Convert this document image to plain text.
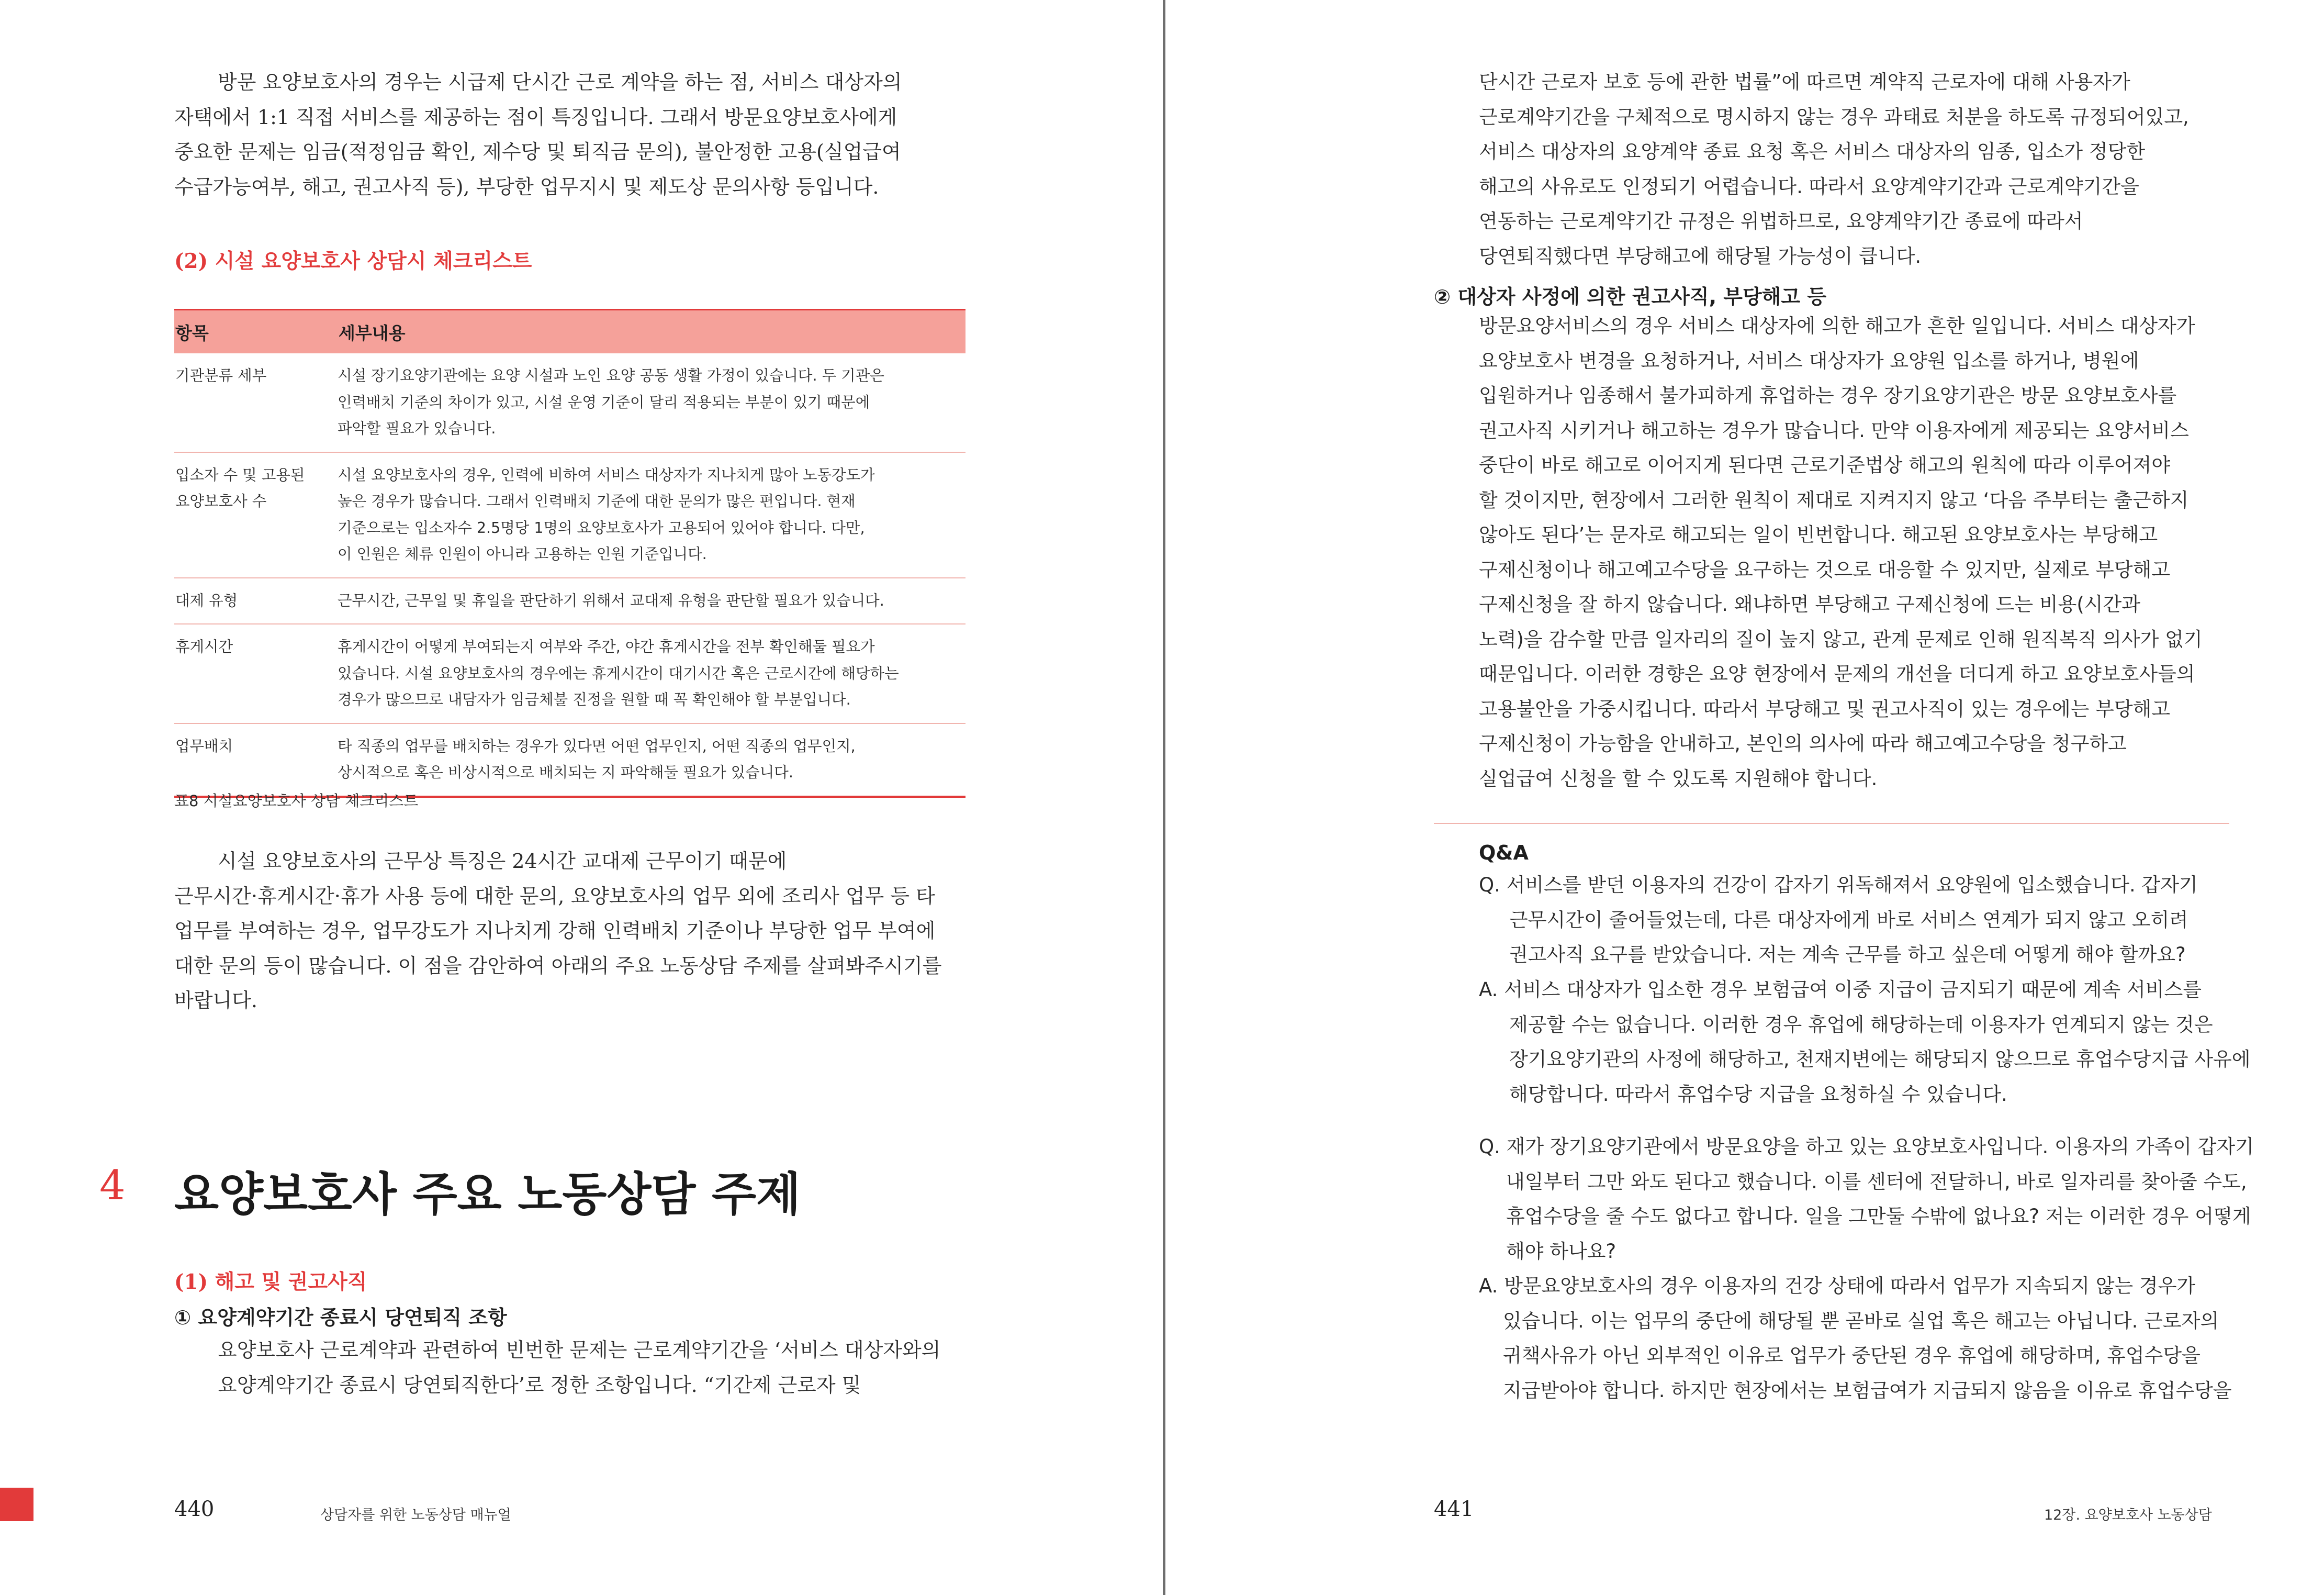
방문 요양보호사의 경우는 시급제 단시간 근로 계약을 하는 점, 서비스 대상자의
자택에서 1:1 직접 서비스를 제공하는 점이 특징입니다. 그래서 방문요양보호사에게
중요한 문제는 임금(적정임금 확인, 제수당 및 퇴직금 문의), 불안정한 고용(실업급여
수급가능여부, 해고, 권고사직 등), 부당한 업무지시 및 제도상 문의사항 등입니다.

(2) 시설 요양보호사 상담시 체크리스트
항목	세부내용

기관분류 세부	시설 장기요양기관에는 요양 시설과 노인 요양 공동 생활 가정이 있습니다. 두 기관은
인력배치 기준의 차이가 있고, 시설 운영 기준이 달리 적용되는 부분이 있기 때문에
파악할 필요가 있습니다.

입소자 수 및 고용된
요양보호사 수	시설 요양보호사의 경우, 인력에 비하여 서비스 대상자가 지나치게 많아 노동강도가
높은 경우가 많습니다. 그래서 인력배치 기준에 대한 문의가 많은 편입니다. 현재
기준으로는 입소자수 2.5명당 1명의 요양보호사가 고용되어 있어야 합니다. 다만,
이 인원은 체류 인원이 아니라 고용하는 인원 기준입니다.

대제 유형	근무시간, 근무일 및 휴일을 판단하기 위해서 교대제 유형을 판단할 필요가 있습니다.

휴게시간	휴게시간이 어떻게 부여되는지 여부와 주간, 야간 휴게시간을 전부 확인해둘 필요가
있습니다. 시설 요양보호사의 경우에는 휴게시간이 대기시간 혹은 근로시간에 해당하는
경우가 많으므로 내담자가 임금체불 진정을 원할 때 꼭 확인해야 할 부분입니다.

업무배치	타 직종의 업무를 배치하는 경우가 있다면 어떤 업무인지, 어떤 직종의 업무인지,
상시적으로 혹은 비상시적으로 배치되는 지 파악해둘 필요가 있습니다.
표8 시설요양보호사 상담 체크리스트

시설 요양보호사의 근무상 특징은 24시간 교대제 근무이기 때문에
근무시간·휴게시간·휴가 사용 등에 대한 문의, 요양보호사의 업무 외에 조리사 업무 등 타
업무를 부여하는 경우, 업무강도가 지나치게 강해 인력배치 기준이나 부당한 업무 부여에
대한 문의 등이 많습니다. 이 점을 감안하여 아래의 주요 노동상담 주제를 살펴봐주시기를
바랍니다.

4 요양보호사 주요 노동상담 주제
(1) 해고 및 권고사직
① 요양계약기간 종료시 당연퇴직 조항

요양보호사 근로계약과 관련하여 빈번한 문제는 근로계약기간을 ‘서비스 대상자와의
요양계약기간 종료시 당연퇴직한다’로 정한 조항입니다. “기간제 근로자 및

440	상담자를 위한 노동상담 매뉴얼

단시간 근로자 보호 등에 관한 법률”에 따르면 계약직 근로자에 대해 사용자가
근로계약기간을 구체적으로 명시하지 않는 경우 과태료 처분을 하도록 규정되어있고,
서비스 대상자의 요양계약 종료 요청 혹은 서비스 대상자의 임종, 입소가 정당한
해고의 사유로도 인정되기 어렵습니다. 따라서 요양계약기간과 근로계약기간을
연동하는 근로계약기간 규정은 위법하므로, 요양계약기간 종료에 따라서
당연퇴직했다면 부당해고에 해당될 가능성이 큽니다.

② 대상자 사정에 의한 권고사직, 부당해고 등

방문요양서비스의 경우 서비스 대상자에 의한 해고가 흔한 일입니다. 서비스 대상자가
요양보호사 변경을 요청하거나, 서비스 대상자가 요양원 입소를 하거나, 병원에
입원하거나 임종해서 불가피하게 휴업하는 경우 장기요양기관은 방문 요양보호사를
권고사직 시키거나 해고하는 경우가 많습니다. 만약 이용자에게 제공되는 요양서비스
중단이 바로 해고로 이어지게 된다면 근로기준법상 해고의 원칙에 따라 이루어져야
할 것이지만, 현장에서 그러한 원칙이 제대로 지켜지지 않고 ‘다음 주부터는 출근하지
않아도 된다’는 문자로 해고되는 일이 빈번합니다. 해고된 요양보호사는 부당해고
구제신청이나 해고예고수당을 요구하는 것으로 대응할 수 있지만, 실제로 부당해고
구제신청을 잘 하지 않습니다. 왜냐하면 부당해고 구제신청에 드는 비용(시간과
노력)을 감수할 만큼 일자리의 질이 높지 않고, 관계 문제로 인해 원직복직 의사가 없기
때문입니다. 이러한 경향은 요양 현장에서 문제의 개선을 더디게 하고 요양보호사들의
고용불안을 가중시킵니다. 따라서 부당해고 및 권고사직이 있는 경우에는 부당해고
구제신청이 가능함을 안내하고, 본인의 의사에 따라 해고예고수당을 청구하고
실업급여 신청을 할 수 있도록 지원해야 합니다.

Q&A

Q. 서비스를 받던 이용자의 건강이 갑자기 위독해져서 요양원에 입소했습니다. 갑자기
근무시간이 줄어들었는데, 다른 대상자에게 바로 서비스 연계가 되지 않고 오히려
권고사직 요구를 받았습니다. 저는 계속 근무를 하고 싶은데 어떻게 해야 할까요?

A. 서비스 대상자가 입소한 경우 보험급여 이중 지급이 금지되기 때문에 계속 서비스를
제공할 수는 없습니다. 이러한 경우 휴업에 해당하는데 이용자가 연계되지 않는 것은
장기요양기관의 사정에 해당하고, 천재지변에는 해당되지 않으므로 휴업수당지급 사유에
해당합니다. 따라서 휴업수당 지급을 요청하실 수 있습니다.

Q. 재가 장기요양기관에서 방문요양을 하고 있는 요양보호사입니다. 이용자의 가족이 갑자기
내일부터 그만 와도 된다고 했습니다. 이를 센터에 전달하니, 바로 일자리를 찾아줄 수도,
휴업수당을 줄 수도 없다고 합니다. 일을 그만둘 수밖에 없나요? 저는 이러한 경우 어떻게
해야 하나요?

A. 방문요양보호사의 경우 이용자의 건강 상태에 따라서 업무가 지속되지 않는 경우가
있습니다. 이는 업무의 중단에 해당될 뿐 곧바로 실업 혹은 해고는 아닙니다. 근로자의
귀책사유가 아닌 외부적인 이유로 업무가 중단된 경우 휴업에 해당하며, 휴업수당을
지급받아야 합니다. 하지만 현장에서는 보험급여가 지급되지 않음을 이유로 휴업수당을

441	12장. 요양보호사 노동상담
